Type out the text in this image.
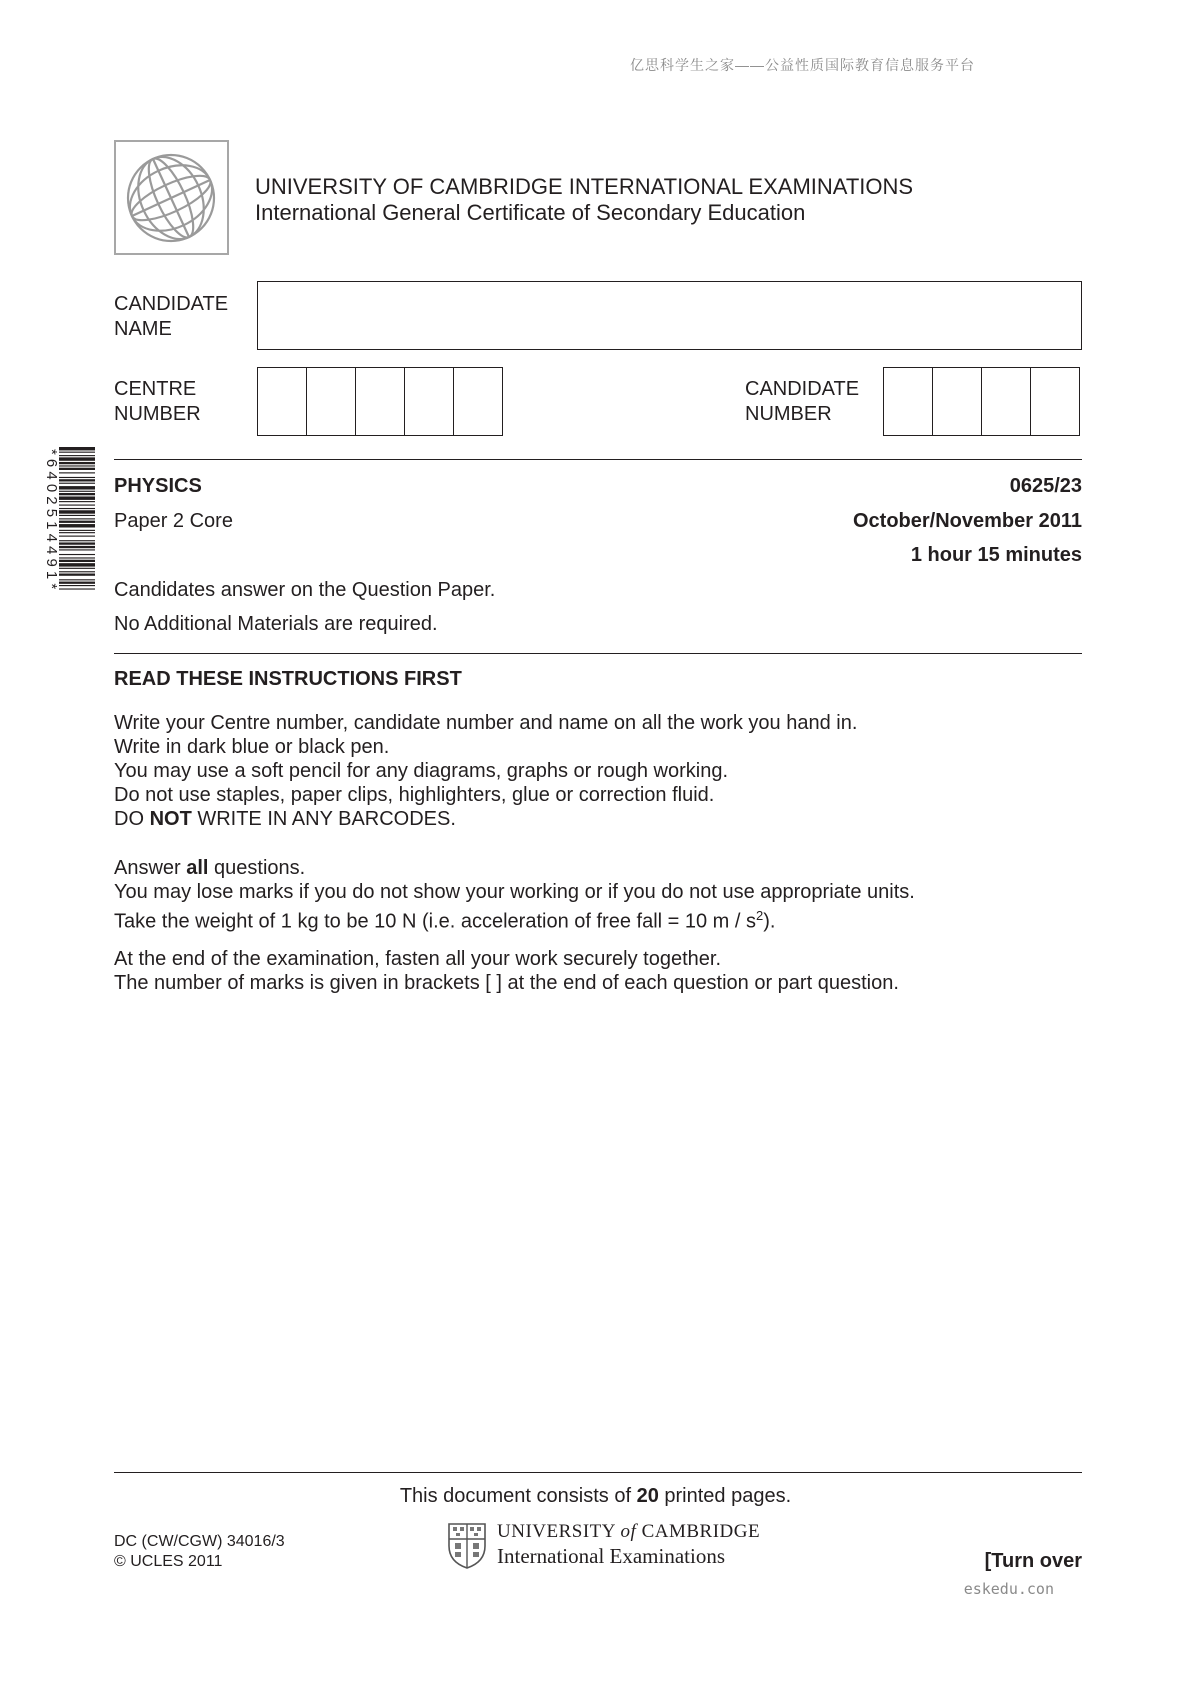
亿思科学生之家——公益性质国际教育信息服务平台
UNIVERSITY OF CAMBRIDGE INTERNATIONAL EXAMINATIONS
International General Certificate of Secondary Education
CANDIDATE
NAME
CENTRE
NUMBER
CANDIDATE
NUMBER
*6402514491*	PHYSICS	0625/23
Paper 2 Core	October/November 2011
1 hour 15 minutes
Candidates answer on the Question Paper.
No Additional Materials are required.
READ THESE INSTRUCTIONS FIRST
Write your Centre number, candidate number and name on all the work you hand in.
Write in dark blue or black pen.
You may use a soft pencil for any diagrams, graphs or rough working.
Do not use staples, paper clips, highlighters, glue or correction fluid.
DO NOT WRITE IN ANY BARCODES.
Answer all questions.
You may lose marks if you do not show your working or if you do not use appropriate units.
Take the weight of 1 kg to be 10 N (i.e. acceleration of free fall = 10 m / $s^2$).
At the end of the examination, fasten all your work securely together.
The number of marks is given in brackets [ ] at the end of each question or part question.
This document consists of 20 printed pages.
DC (CW/CGW) 34016/3
© UCLES 2011
UNIVERSITY of CAMBRIDGE
International Examinations	[Turn over
eskedu.con
